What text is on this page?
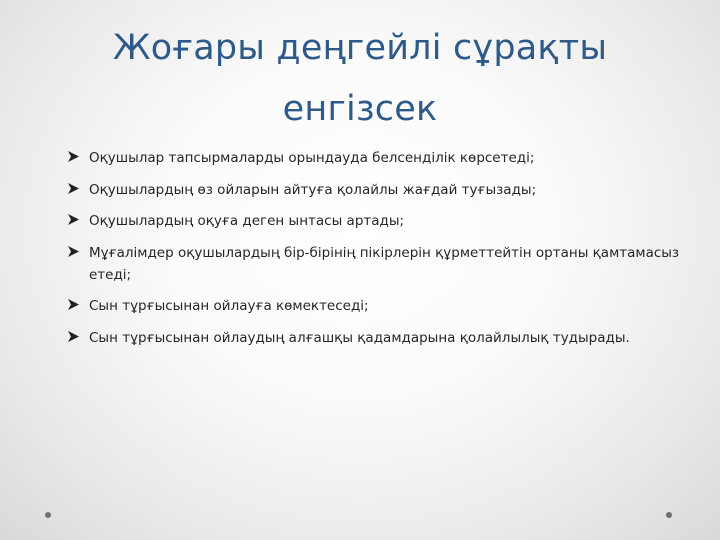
Жоғары деңгейлі сұрақты енгізсек
Оқушылар тапсырмаларды орындауда белсенділік көрсетеді;
Оқушылардың өз ойларын айтуға қолайлы жағдай туғызады;
Оқушылардың оқуға деген ынтасы артады;
Мұғалімдер оқушылардың бір-бірінің пікірлерін құрметтейтін ортаны қамтамасыз етеді;
Сын тұрғысынан ойлауға көмектеседі;
Сын тұрғысынан ойлаудың алғашқы қадамдарына қолайлылық тудырады.
